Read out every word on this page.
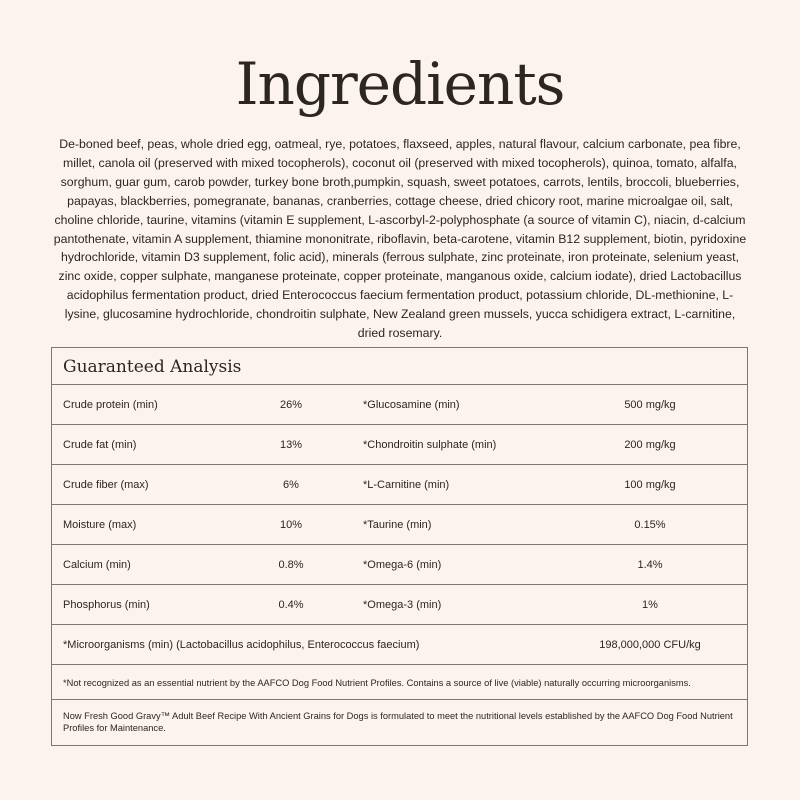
Ingredients

De-boned beef, peas, whole dried egg, oatmeal, rye, potatoes, flaxseed, apples, natural flavour, calcium carbonate, pea fibre, millet, canola oil (preserved with mixed tocopherols), coconut oil (preserved with mixed tocopherols), quinoa, tomato, alfalfa, sorghum, guar gum, carob powder, turkey bone broth,pumpkin, squash, sweet potatoes, carrots, lentils, broccoli, blueberries, papayas, blackberries, pomegranate, bananas, cranberries, cottage cheese, dried chicory root, marine microalgae oil, salt, choline chloride, taurine, vitamins (vitamin E supplement, L-ascorbyl-2-polyphosphate (a source of vitamin C), niacin, d-calcium pantothenate, vitamin A supplement, thiamine mononitrate, riboflavin, beta-carotene, vitamin B12 supplement, biotin, pyridoxine hydrochloride, vitamin D3 supplement, folic acid), minerals (ferrous sulphate, zinc proteinate, iron proteinate, selenium yeast, zinc oxide, copper sulphate, manganese proteinate, copper proteinate, manganous oxide, calcium iodate), dried Lactobacillus acidophilus fermentation product, dried Enterococcus faecium fermentation product, potassium chloride, DL-methionine, L-lysine, glucosamine hydrochloride, chondroitin sulphate, New Zealand green mussels, yucca schidigera extract, L-carnitine, dried rosemary.

Guaranteed Analysis
Crude protein (min)	26%	*Glucosamine (min)	500 mg/kg
Crude fat (min)	13%	*Chondroitin sulphate (min)	200 mg/kg
Crude fiber (max)	6%	*L-Carnitine (min)	100 mg/kg
Moisture (max)	10%	*Taurine (min)	0.15%
Calcium (min)	0.8%	*Omega-6 (min)	1.4%
Phosphorus (min)	0.4%	*Omega-3 (min)	1%
*Microorganisms (min) (Lactobacillus acidophilus, Enterococcus faecium)	198,000,000 CFU/kg
*Not recognized as an essential nutrient by the AAFCO Dog Food Nutrient Profiles. Contains a source of live (viable) naturally occurring microorganisms.
Now Fresh Good Gravy™ Adult Beef Recipe With Ancient Grains for Dogs is formulated to meet the nutritional levels established by the AAFCO Dog Food Nutrient Profiles for Maintenance.
